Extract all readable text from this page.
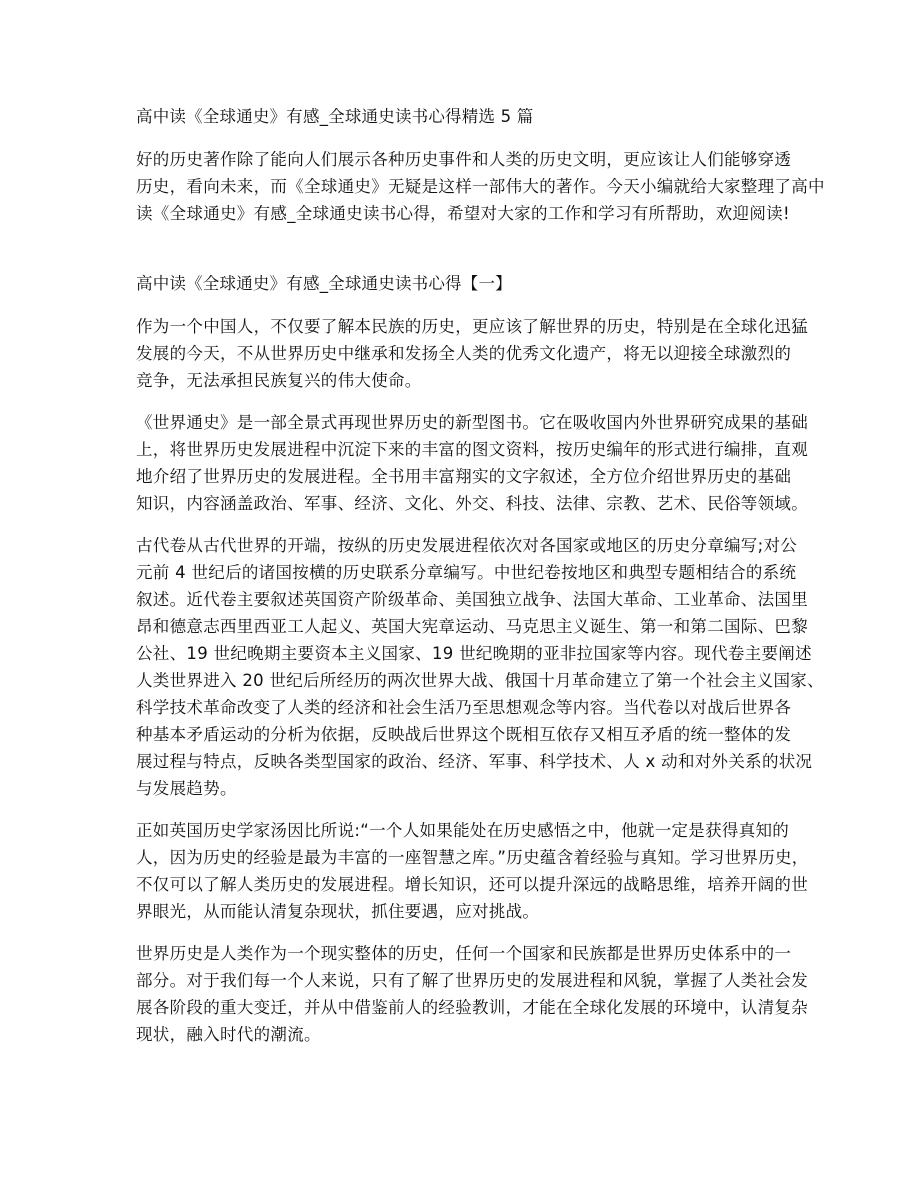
高中读《全球通史》有感_全球通史读书心得精选 5 篇
好的历史著作除了能向人们展示各种历史事件和人类的历史文明，更应该让人们能够穿透
历史，看向未来，而《全球通史》无疑是这样一部伟大的著作。今天小编就给大家整理了高中
读《全球通史》有感_全球通史读书心得，希望对大家的工作和学习有所帮助，欢迎阅读!
高中读《全球通史》有感_全球通史读书心得【一】
作为一个中国人，不仅要了解本民族的历史，更应该了解世界的历史，特别是在全球化迅猛
发展的今天，不从世界历史中继承和发扬全人类的优秀文化遗产，将无以迎接全球激烈的
竞争，无法承担民族复兴的伟大使命。
《世界通史》是一部全景式再现世界历史的新型图书。它在吸收国内外世界研究成果的基础
上，将世界历史发展进程中沉淀下来的丰富的图文资料，按历史编年的形式进行编排，直观
地介绍了世界历史的发展进程。全书用丰富翔实的文字叙述，全方位介绍世界历史的基础
知识，内容涵盖政治、军事、经济、文化、外交、科技、法律、宗教、艺术、民俗等领域。
古代卷从古代世界的开端，按纵的历史发展进程依次对各国家或地区的历史分章编写;对公
元前 4 世纪后的诸国按横的历史联系分章编写。中世纪卷按地区和典型专题相结合的系统
叙述。近代卷主要叙述英国资产阶级革命、美国独立战争、法国大革命、工业革命、法国里
昂和德意志西里西亚工人起义、英国大宪章运动、马克思主义诞生、第一和第二国际、巴黎
公社、19 世纪晚期主要资本主义国家、19 世纪晚期的亚非拉国家等内容。现代卷主要阐述
人类世界进入 20 世纪后所经历的两次世界大战、俄国十月革命建立了第一个社会主义国家、
科学技术革命改变了人类的经济和社会生活乃至思想观念等内容。当代卷以对战后世界各
种基本矛盾运动的分析为依据，反映战后世界这个既相互依存又相互矛盾的统一整体的发
展过程与特点，反映各类型国家的政治、经济、军事、科学技术、人 x 动和对外关系的状况
与发展趋势。
正如英国历史学家汤因比所说:“一个人如果能处在历史感悟之中，他就一定是获得真知的
人，因为历史的经验是最为丰富的一座智慧之库。”历史蕴含着经验与真知。学习世界历史，
不仅可以了解人类历史的发展进程。增长知识，还可以提升深远的战略思维，培养开阔的世
界眼光，从而能认清复杂现状，抓住要遇，应对挑战。
世界历史是人类作为一个现实整体的历史，任何一个国家和民族都是世界历史体系中的一
部分。对于我们每一个人来说，只有了解了世界历史的发展进程和风貌，掌握了人类社会发
展各阶段的重大变迁，并从中借鉴前人的经验教训，才能在全球化发展的环境中，认清复杂
现状，融入时代的潮流。
